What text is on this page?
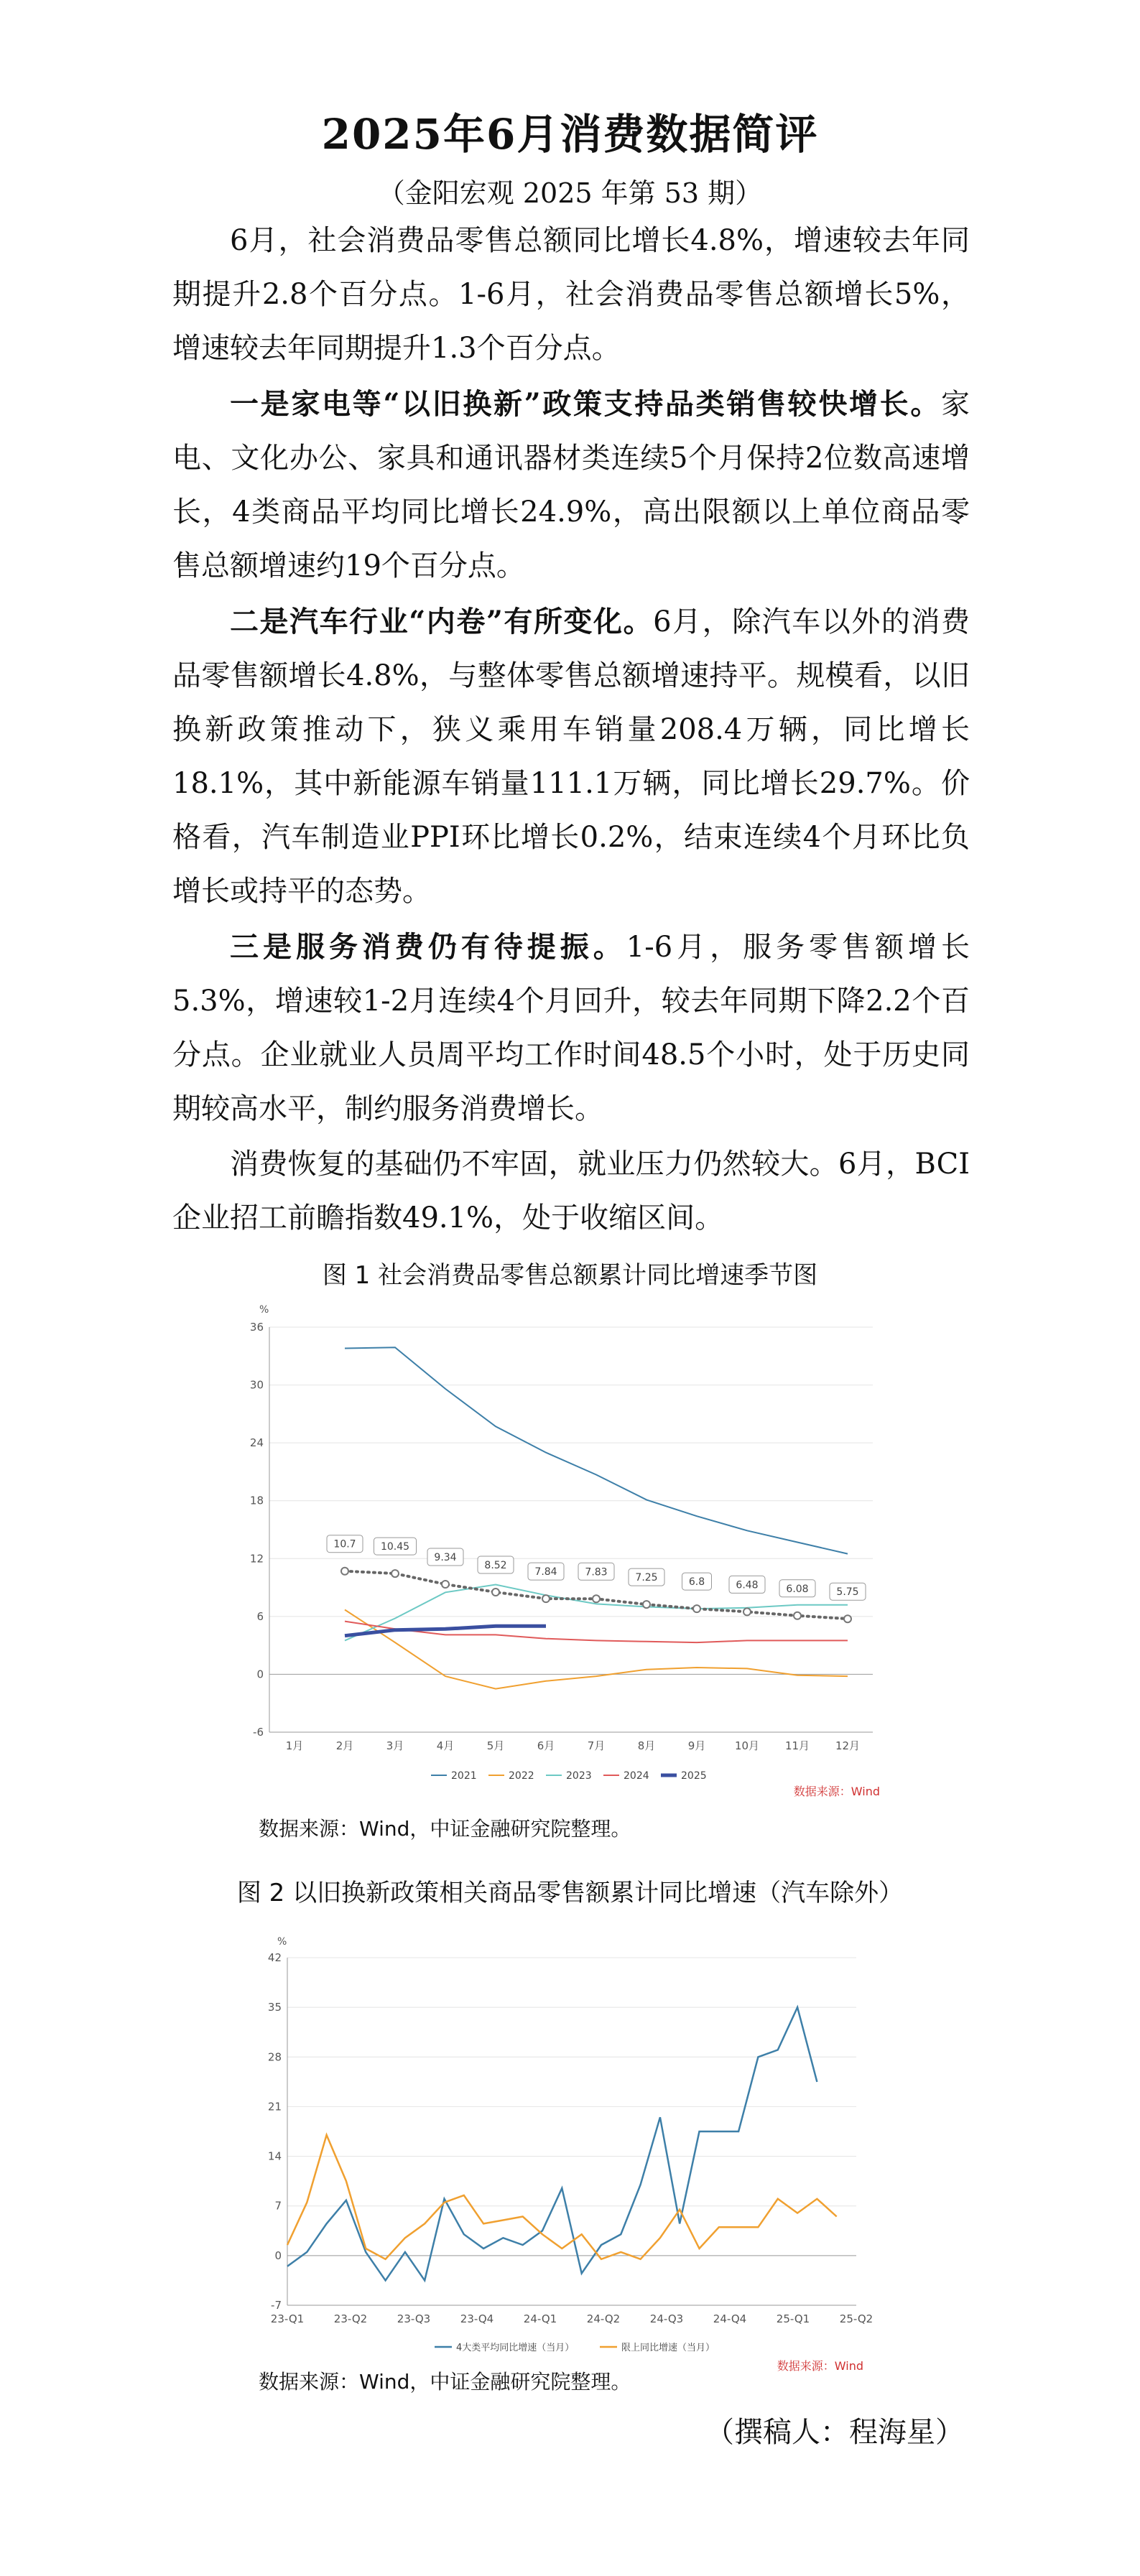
2025年6月消费数据简评
（金阳宏观 2025 年第 53 期）

6月，社会消费品零售总额同比增长4.8%，增速较去年同期提升2.8个百分点。1-6月，社会消费品零售总额增长5%，增速较去年同期提升1.3个百分点。

一是家电等“以旧换新”政策支持品类销售较快增长。家电、文化办公、家具和通讯器材类连续5个月保持2位数高速增长，4类商品平均同比增长24.9%，高出限额以上单位商品零售总额增速约19个百分点。

二是汽车行业“内卷”有所变化。6月，除汽车以外的消费品零售额增长4.8%，与整体零售总额增速持平。规模看，以旧换新政策推动下，狭义乘用车销量208.4万辆，同比增长18.1%，其中新能源车销量111.1万辆，同比增长29.7%。价格看，汽车制造业PPI环比增长0.2%，结束连续4个月环比负增长或持平的态势。

三是服务消费仍有待提振。1-6月，服务零售额增长5.3%，增速较1-2月连续4个月回升，较去年同期下降2.2个百分点。企业就业人员周平均工作时间48.5个小时，处于历史同期较高水平，制约服务消费增长。

消费恢复的基础仍不牢固，就业压力仍然较大。6月，BCI企业招工前瞻指数49.1%，处于收缩区间。

图 1 社会消费品零售总额累计同比增速季节图
%
-6
0
6
12
18
24
30
36
1月	2月	3月	4月	5月	6月	7月	8月	9月	10月 11月 12月
10.7 10.45
9.34
8.52
7.84	7.83	7.25	6.8	6.48	6.08	5.75
2021	2022	2023	2024	2025
数据来源：Wind
数据来源：Wind，中证金融研究院整理。
图 2 以旧换新政策相关商品零售额累计同比增速（汽车除外）
%
-7
0
7
14
21
28
35
42
23-Q1	23-Q2	23-Q3	23-Q4	24-Q1	24-Q2	24-Q3	24-Q4	25-Q1	25-Q2
4大类平均同比增速（当月）	限上同比增速（当月）
数据来源：Wind
数据来源：Wind，中证金融研究院整理。
（撰稿人：程海星）
